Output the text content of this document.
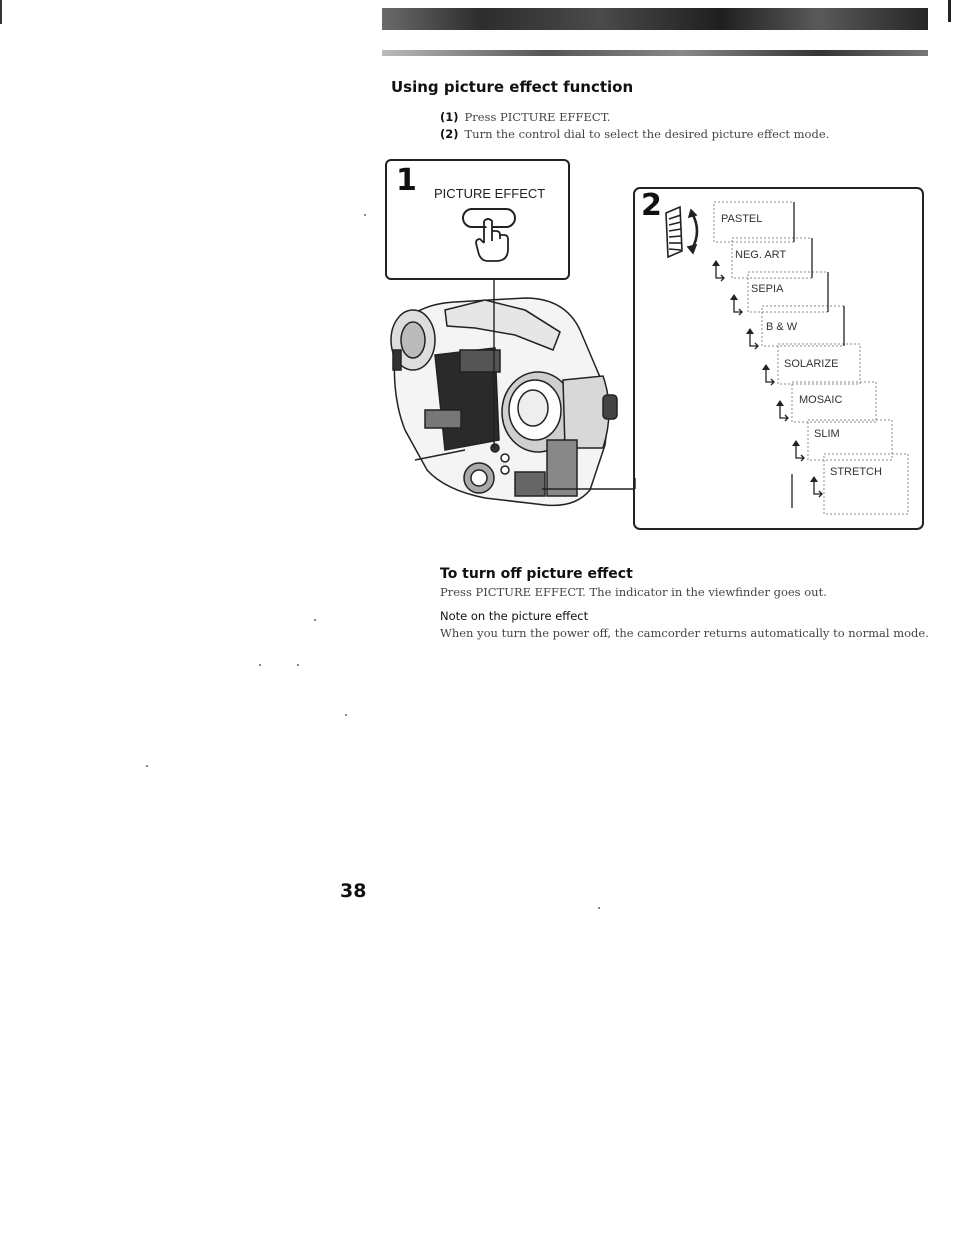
Using picture effect function
(1) Press PICTURE EFFECT.
(2) Turn the control dial to select the desired picture effect mode.
1 PICTURE EFFECT	2	PASTEL
NEG. ART
SEPIA
B & W
SOLARIZE
MOSAIC
SLIM
STRETCH
To turn off picture effect
Press PICTURE EFFECT. The indicator in the viewfinder goes out.
Note on the picture effect
When you turn the power off, the camcorder returns automatically to normal mode.
38
